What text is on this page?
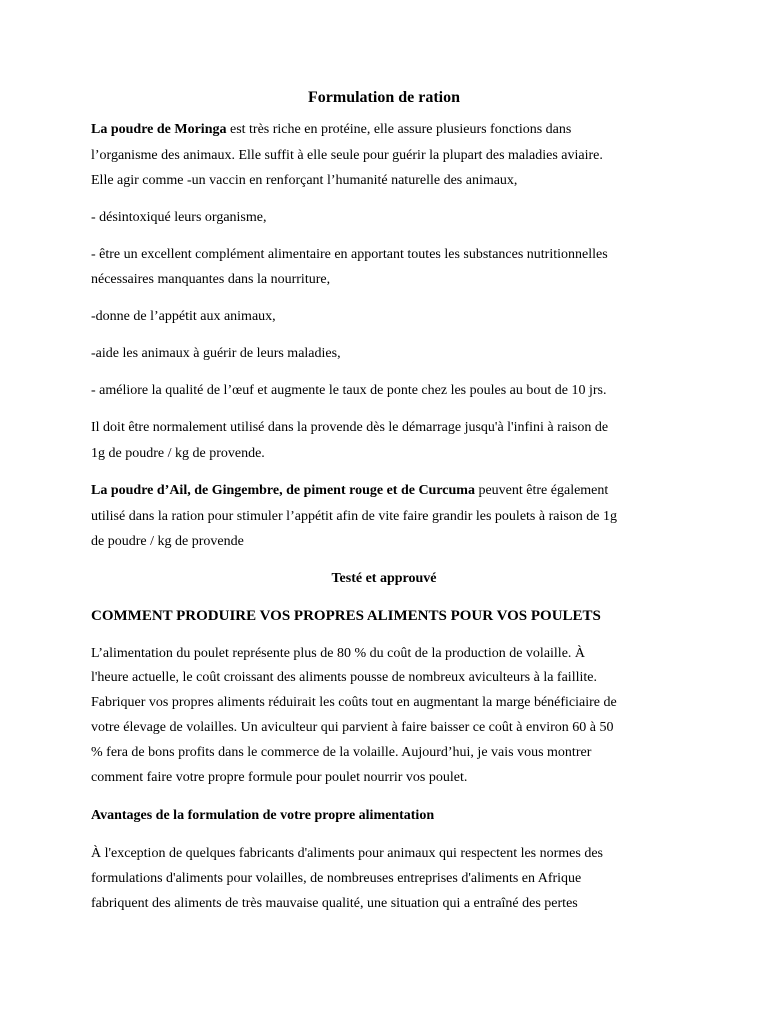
Formulation de ration
La poudre de Moringa est très riche en protéine, elle assure plusieurs fonctions dans
l’organisme des animaux. Elle suffit à elle seule pour guérir la plupart des maladies aviaire.
Elle agir comme -un vaccin en renforçant l’humanité naturelle des animaux,
- désintoxiqué leurs organisme,
- être un excellent complément alimentaire en apportant toutes les substances nutritionnelles
nécessaires manquantes dans la nourriture,
-donne de l’appétit aux animaux,
-aide les animaux à guérir de leurs maladies,
- améliore la qualité de l’œuf et augmente le taux de ponte chez les poules au bout de 10 jrs.
Il doit être normalement utilisé dans la provende dès le démarrage jusqu'à l'infini à raison de
1g de poudre / kg de provende.
La poudre d’Ail, de Gingembre, de piment rouge et de Curcuma peuvent être également
utilisé dans la ration pour stimuler l’appétit afin de vite faire grandir les poulets à raison de 1g
de poudre / kg de provende
Testé et approuvé
COMMENT PRODUIRE VOS PROPRES ALIMENTS POUR VOS POULETS
L’alimentation du poulet représente plus de 80 % du coût de la production de volaille. À
l'heure actuelle, le coût croissant des aliments pousse de nombreux aviculteurs à la faillite.
Fabriquer vos propres aliments réduirait les coûts tout en augmentant la marge bénéficiaire de
votre élevage de volailles. Un aviculteur qui parvient à faire baisser ce coût à environ 60 à 50
% fera de bons profits dans le commerce de la volaille. Aujourd’hui, je vais vous montrer
comment faire votre propre formule pour poulet nourrir vos poulet.
Avantages de la formulation de votre propre alimentation
À l'exception de quelques fabricants d'aliments pour animaux qui respectent les normes des
formulations d'aliments pour volailles, de nombreuses entreprises d'aliments en Afrique
fabriquent des aliments de très mauvaise qualité, une situation qui a entraîné des pertes
